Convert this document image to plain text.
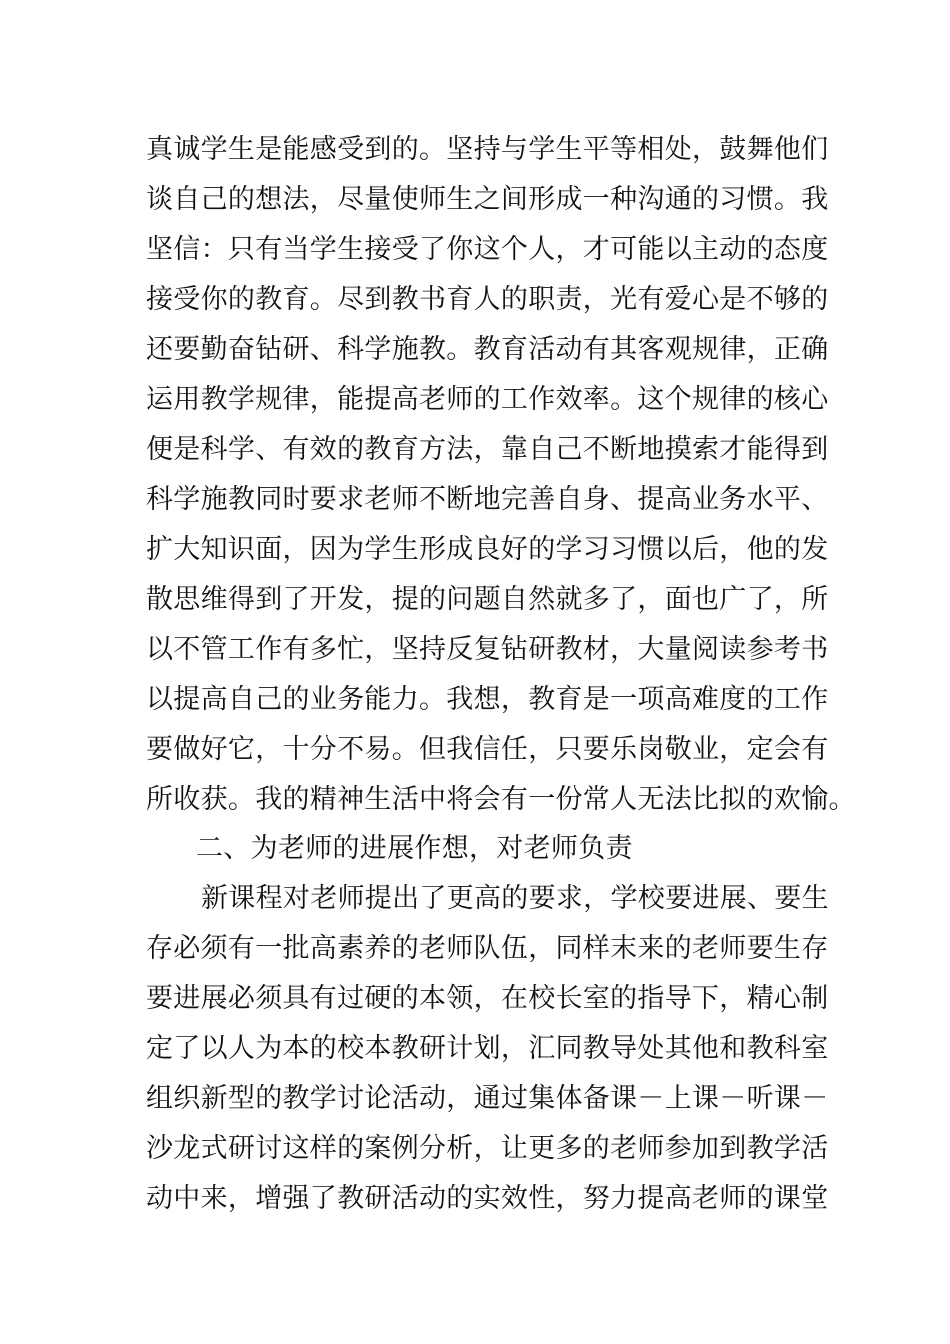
真诚学生是能感受到的。坚持与学生平等相处，鼓舞他们
谈自己的想法，尽量使师生之间形成一种沟通的习惯。我
坚信：只有当学生接受了你这个人，才可能以主动的态度
接受你的教育。尽到教书育人的职责，光有爱心是不够的
还要勤奋钻研、科学施教。教育活动有其客观规律，正确
运用教学规律，能提高老师的工作效率。这个规律的核心
便是科学、有效的教育方法，靠自己不断地摸索才能得到
科学施教同时要求老师不断地完善自身、提高业务水平、
扩大知识面，因为学生形成良好的学习习惯以后，他的发
散思维得到了开发，提的问题自然就多了，面也广了，所
以不管工作有多忙，坚持反复钻研教材，大量阅读参考书
以提高自己的业务能力。我想，教育是一项高难度的工作
要做好它，十分不易。但我信任，只要乐岗敬业，定会有
所收获。我的精神生活中将会有一份常人无法比拟的欢愉。
二、为老师的进展作想，对老师负责
新课程对老师提出了更高的要求，学校要进展、要生
存必须有一批高素养的老师队伍，同样末来的老师要生存
要进展必须具有过硬的本领，在校长室的指导下，精心制
定了以人为本的校本教研计划，汇同教导处其他和教科室
组织新型的教学讨论活动，通过集体备课－上课－听课－
沙龙式研讨这样的案例分析，让更多的老师参加到教学活
动中来，增强了教研活动的实效性，努力提高老师的课堂
